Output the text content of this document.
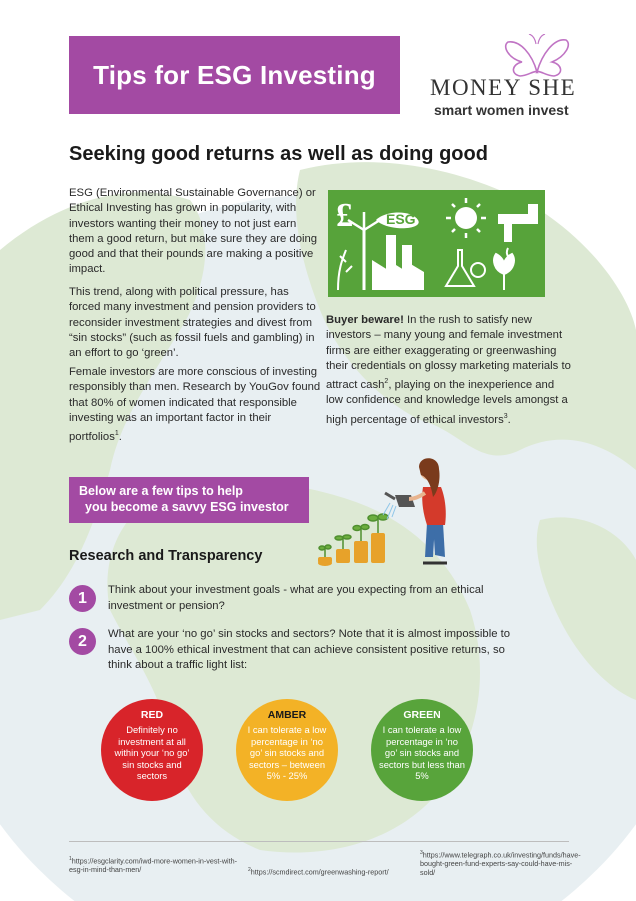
Tips for ESG Investing MONEY SHE
smart women invest
Seeking good returns as well as doing good

ESG (Environmental Sustainable Governance) or Ethical Investing has grown in popularity, with investors wanting their money to not just earn them a good return, but make sure they are doing good and that their pounds are making a positive impact.

This trend, along with political pressure, has forced many investment and pension providers to reconsider investment strategies and divest from “sin stocks” (such as fossil fuels and gambling) in an effort to go ‘green’.

Female investors are more conscious of investing responsibly than men. Research by YouGov found that 80% of women indicated that responsible investing was an important factor in their portfolios$^1$.

£ ESG

Buyer beware! In the rush to satisfy new investors – many young and female investment firms are either exaggerating or greenwashing their credentials on glossy marketing materials to attract cash$^2$, playing on the inexperience and low confidence and knowledge levels amongst a high percentage of ethical investors$^3$.

Below are a few tips to help
you become a savvy ESG investor
Research and Transparency
1	Think about your investment goals - what are you expecting from an ethical investment or pension?

2	What are your ‘no go’ sin stocks and sectors? Note that it is almost impossible to have a 100% ethical investment that can achieve consistent positive returns, so think about a traffic light list:

RED
Definitely no investment at all within your ‘no go’ sin stocks and sectors
AMBER
I can tolerate a low percentage in ‘no go’ sin stocks and sectors – between 5% - 25%
GREEN
I can tolerate a low percentage in ‘no go’ sin stocks and sectors but less than 5%

$^1$https://esgclarity.com/iwd-more-women-in-vest-with-esg-in-mind-than-men/	$^2$https://scmdirect.com/greenwashing-report/

$^3$https://www.telegraph.co.uk/investing/funds/have-bought-green-fund-experts-say-could-have-mis-sold/
